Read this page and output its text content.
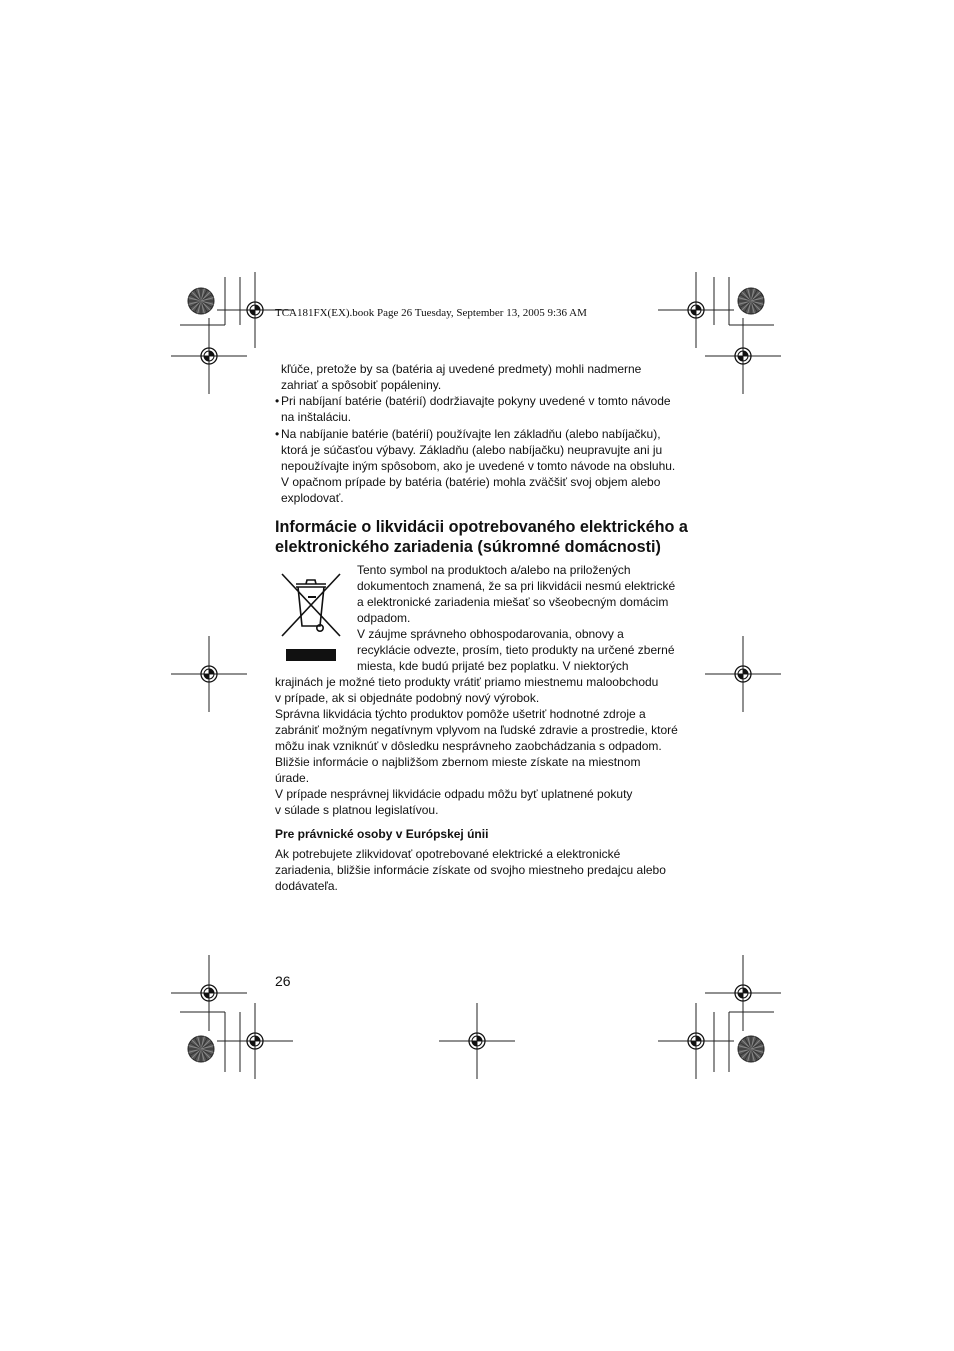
TCA181FX(EX).book Page 26 Tuesday, September 13, 2005 9:36 AM
kľúče, pretože by sa (batéria aj uvedené predmety) mohli nadmerne
zahriať a spôsobiť popáleniny.
• Pri nabíjaní batérie (batérií) dodržiavajte pokyny uvedené v tomto návode
na inštaláciu.
• Na nabíjanie batérie (batérií) používajte len základňu (alebo nabíjačku),
ktorá je súčasťou výbavy. Základňu (alebo nabíjačku) neupravujte ani ju
nepoužívajte iným spôsobom, ako je uvedené v tomto návode na obsluhu.
V opačnom prípade by batéria (batérie) mohla zväčšiť svoj objem alebo
explodovať.
Informácie o likvidácii opotrebovaného elektrického a
elektronického zariadenia (súkromné domácnosti)
Tento symbol na produktoch a/alebo na priložených
dokumentoch znamená, že sa pri likvidácii nesmú elektrické
a elektronické zariadenia miešať so všeobecným domácim
odpadom.
V záujme správneho obhospodarovania, obnovy a
recyklácie odvezte, prosím, tieto produkty na určené zberné
miesta, kde budú prijaté bez poplatku. V niektorých
krajinách je možné tieto produkty vrátiť priamo miestnemu maloobchodu
v prípade, ak si objednáte podobný nový výrobok.
Správna likvidácia týchto produktov pomôže ušetriť hodnotné zdroje a
zabrániť možným negatívnym vplyvom na ľudské zdravie a prostredie, ktoré
môžu inak vzniknúť v dôsledku nesprávneho zaobchádzania s odpadom.
Bližšie informácie o najbližšom zbernom mieste získate na miestnom
úrade.
V prípade nesprávnej likvidácie odpadu môžu byť uplatnené pokuty
v súlade s platnou legislatívou.
Pre právnické osoby v Európskej únii
Ak potrebujete zlikvidovať opotrebované elektrické a elektronické
zariadenia, bližšie informácie získate od svojho miestneho predajcu alebo
dodávateľa.
26
